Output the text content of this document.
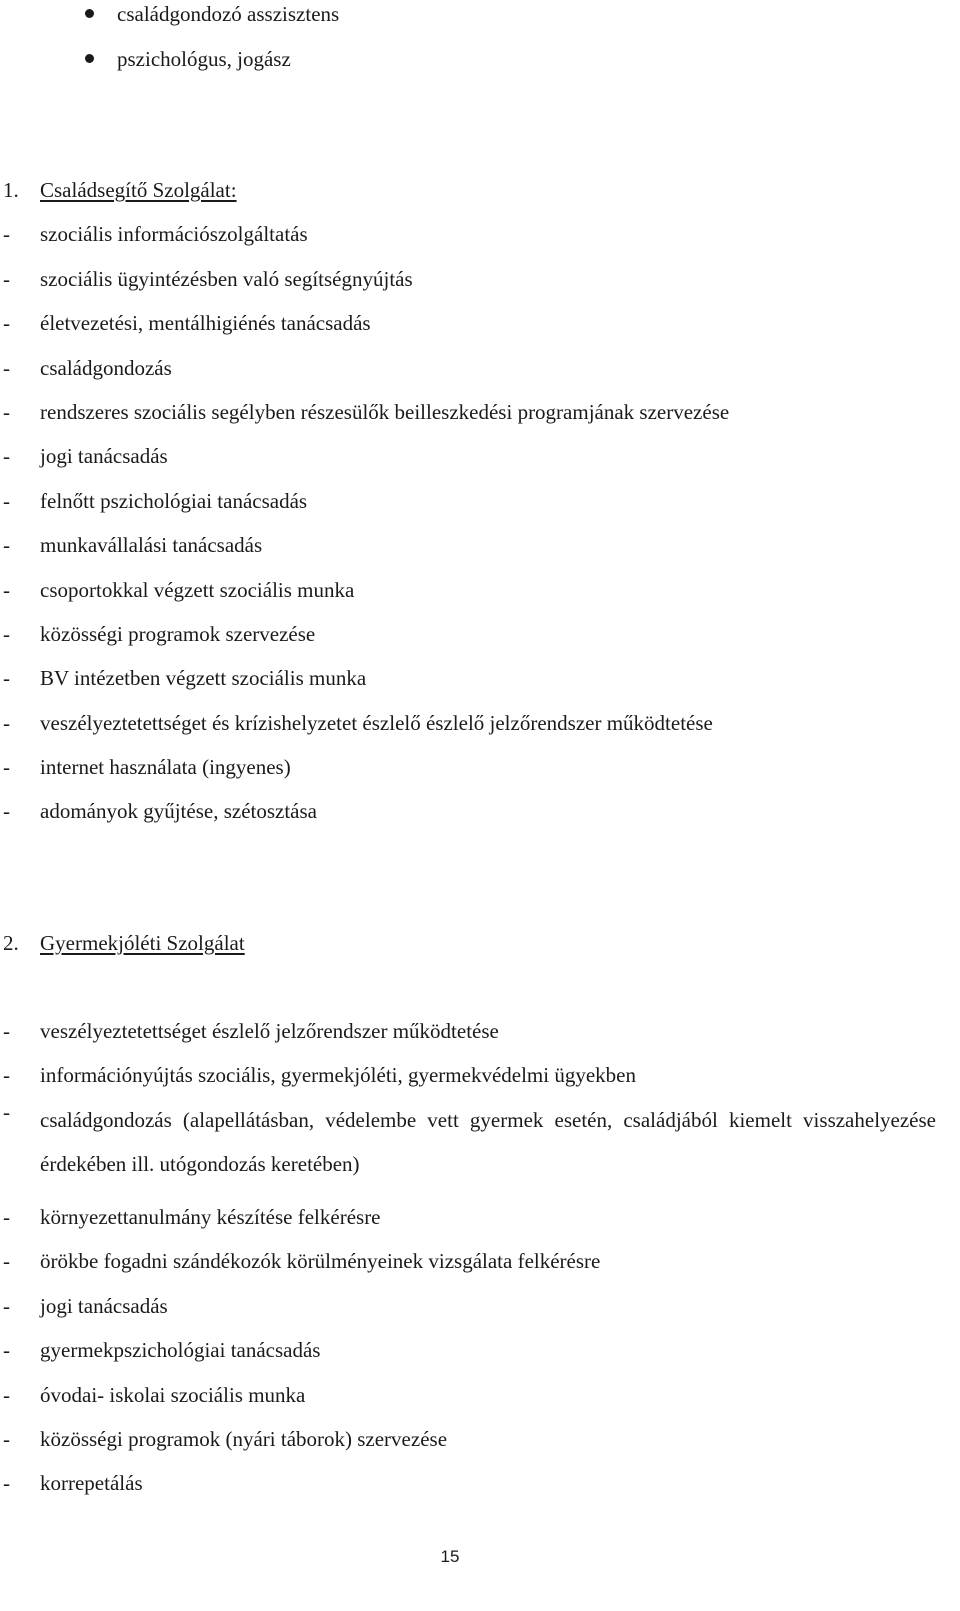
családgondozó asszisztens
pszichológus, jogász
1. Családsegítő Szolgálat:
- szociális információszolgáltatás
- szociális ügyintézésben való segítségnyújtás
- életvezetési, mentálhigiénés tanácsadás
- családgondozás
- rendszeres szociális segélyben részesülők beilleszkedési programjának szervezése
- jogi tanácsadás
- felnőtt pszichológiai tanácsadás
- munkavállalási tanácsadás
- csoportokkal végzett szociális munka
- közösségi programok szervezése
- BV intézetben végzett szociális munka
- veszélyeztetettséget és krízishelyzetet észlelő észlelő jelzőrendszer működtetése
- internet használata (ingyenes)
- adományok gyűjtése, szétosztása
2. Gyermekjóléti Szolgálat
- veszélyeztetettséget észlelő jelzőrendszer működtetése
- információnyújtás szociális, gyermekjóléti, gyermekvédelmi ügyekben
- családgondozás (alapellátásban, védelembe vett gyermek esetén, családjából kiemelt visszahelyezése érdekében ill. utógondozás keretében)
- környezettanulmány készítése felkérésre
- örökbe fogadni szándékozók körülményeinek vizsgálata felkérésre
- jogi tanácsadás
- gyermekpszichológiai tanácsadás
- óvodai- iskolai szociális munka
- közösségi programok (nyári táborok) szervezése
- korrepetálás
15
